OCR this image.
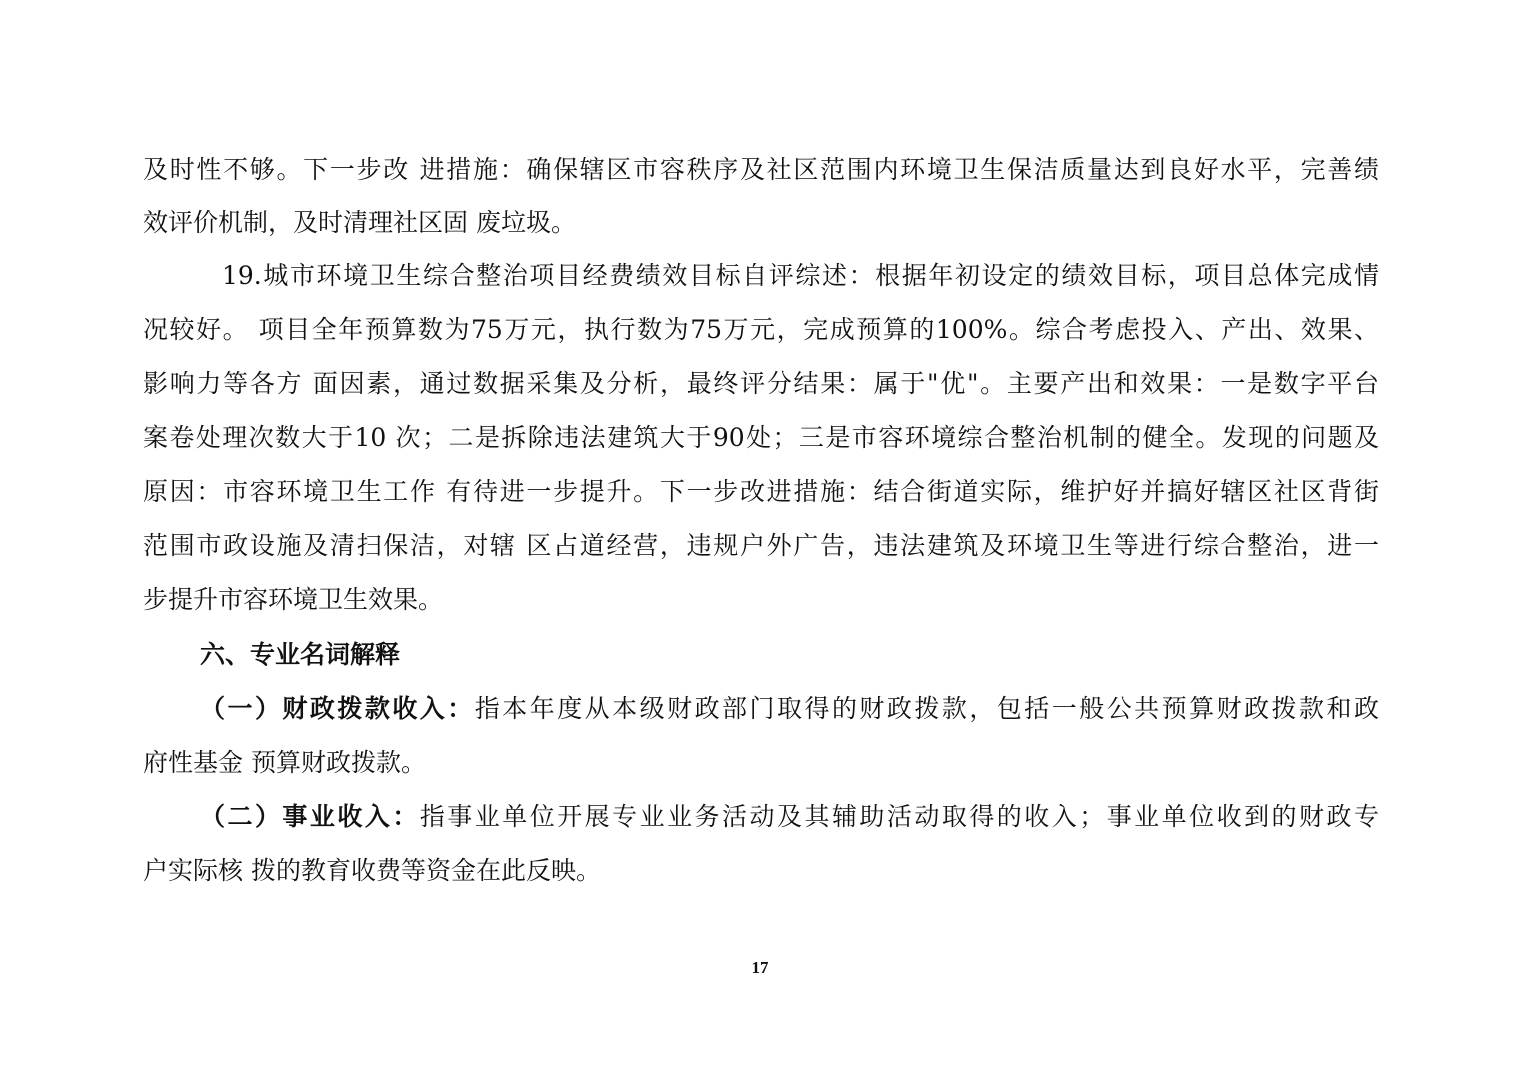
及时性不够。下一步改 进措施：确保辖区市容秩序及社区范围内环境卫生保洁质量达到良好水平，完善绩
效评价机制，及时清理社区固 废垃圾。
19.城市环境卫生综合整治项目经费绩效目标自评综述：根据年初设定的绩效目标，项目总体完成情
况较好。 项目全年预算数为75万元，执行数为75万元，完成预算的100%。综合考虑投入、产出、效果、
影响力等各方 面因素，通过数据采集及分析，最终评分结果：属于"优"。主要产出和效果：一是数字平台
案卷处理次数大于10 次；二是拆除违法建筑大于90处；三是市容环境综合整治机制的健全。发现的问题及
原因：市容环境卫生工作 有待进一步提升。下一步改进措施：结合街道实际，维护好并搞好辖区社区背街
范围市政设施及清扫保洁，对辖 区占道经营，违规户外广告，违法建筑及环境卫生等进行综合整治，进一
步提升市容环境卫生效果。
六、专业名词解释
（一）财政拨款收入：指本年度从本级财政部门取得的财政拨款，包括一般公共预算财政拨款和政
府性基金 预算财政拨款。
（二）事业收入：指事业单位开展专业业务活动及其辅助活动取得的收入；事业单位收到的财政专
户实际核 拨的教育收费等资金在此反映。
17
